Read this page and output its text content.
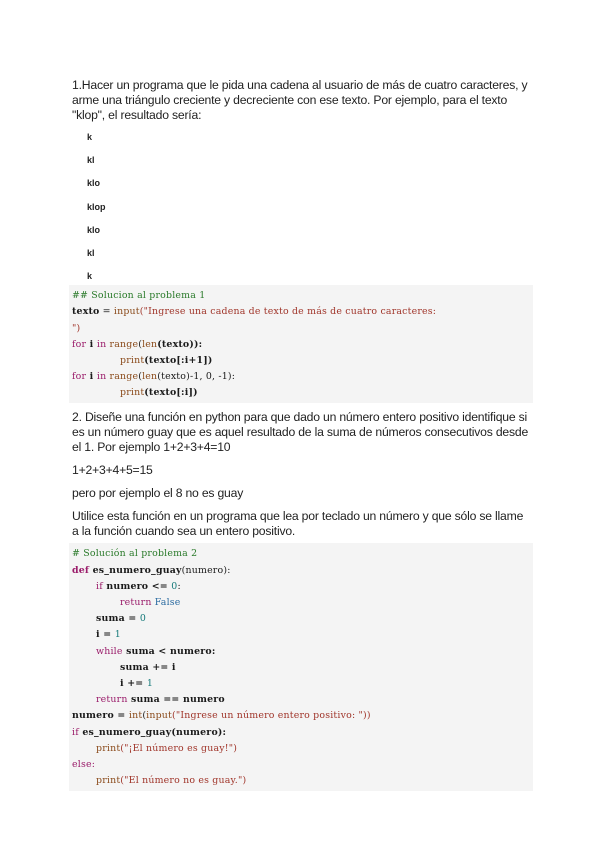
1.Hacer un programa que le pida una cadena al usuario de más de cuatro caracteres, y arme una triángulo creciente y decreciente con ese texto. Por ejemplo, para el texto "klop", el resultado sería:

k
kl
klo
klop
klo
kl
k
## Solucion al problema 1
texto = input("Ingrese una cadena de texto de más de cuatro caracteres:
")
for i in range(len(texto)):
print(texto[:i+1])
for i in range(len(texto)-1, 0, -1):
print(texto[:i])

2. Diseñe una función en python para que dado un número entero positivo identifique si es un número guay que es aquel resultado de la suma de números consecutivos desde el 1. Por ejemplo 1+2+3+4=10

1+2+3+4+5=15

pero por ejemplo el 8 no es guay

Utilice esta función en un programa que lea por teclado un número y que sólo se llame a la función cuando sea un entero positivo.

# Solución al problema 2
def es_numero_guay(numero):
if numero <= 0:
return False
suma = 0
i = 1
while suma < numero:
suma += i
i += 1
return suma == numero
numero = int(input("Ingrese un número entero positivo: "))
if es_numero_guay(numero):
print("¡El número es guay!")
else:
print("El número no es guay.")
